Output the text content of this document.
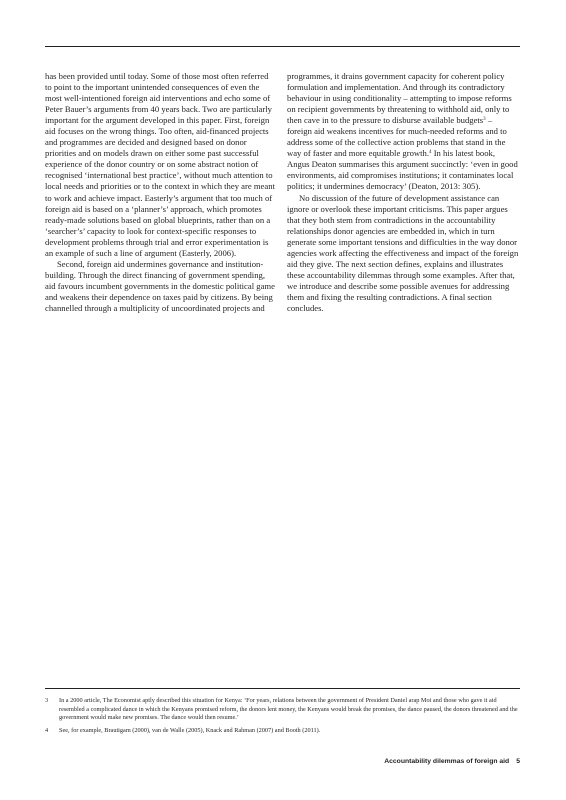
has been provided until today. Some of those most often referred to point to the important unintended consequences of even the most well-intentioned foreign aid interventions and echo some of Peter Bauer’s arguments from 40 years back. Two are particularly important for the argument developed in this paper. First, foreign aid focuses on the wrong things. Too often, aid-financed projects and programmes are decided and designed based on donor priorities and on models drawn on either some past successful experience of the donor country or on some abstract notion of recognised ‘international best practice’, without much attention to local needs and priorities or to the context in which they are meant to work and achieve impact. Easterly’s argument that too much of foreign aid is based on a ‘planner’s’ approach, which promotes ready-made solutions based on global blueprints, rather than on a ‘searcher’s’ capacity to look for context-specific responses to development problems through trial and error experimentation is an example of such a line of argument (Easterly, 2006).

Second, foreign aid undermines governance and institution-building. Through the direct financing of government spending, aid favours incumbent governments in the domestic political game and weakens their dependence on taxes paid by citizens. By being channelled through a multiplicity of uncoordinated projects and

programmes, it drains government capacity for coherent policy formulation and implementation. And through its contradictory behaviour in using conditionality – attempting to impose reforms on recipient governments by threatening to withhold aid, only to then cave in to the pressure to disburse available budgets$^3$ – foreign aid weakens incentives for much-needed reforms and to address some of the collective action problems that stand in the way of faster and more equitable growth.$^4$ In his latest book, Angus Deaton summarises this argument succinctly: ‘even in good environments, aid compromises institutions; it contaminates local politics; it undermines democracy’ (Deaton, 2013: 305).

No discussion of the future of development assistance can ignore or overlook these important criticisms. This paper argues that they both stem from contradictions in the accountability relationships donor agencies are embedded in, which in turn generate some important tensions and difficulties in the way donor agencies work affecting the effectiveness and impact of the foreign aid they give. The next section defines, explains and illustrates these accountability dilemmas through some examples. After that, we introduce and describe some possible avenues for addressing them and fixing the resulting contradictions. A final section concludes.

3	In a 2000 article, The Economist aptly described this situation for Kenya: ‘For years, relations between the government of President Daniel arap Moi and those who gave it aid resembled a complicated dance in which the Kenyans promised reform, the donors lent money, the Kenyans would break the promises, the dance paused, the donors threatened and the government would make new promises. The dance would then resume.’
4	See, for example, Brautigam (2000), van de Walle (2005), Knack and Rahman (2007) and Booth (2011).
Accountability dilemmas of foreign aid 5
